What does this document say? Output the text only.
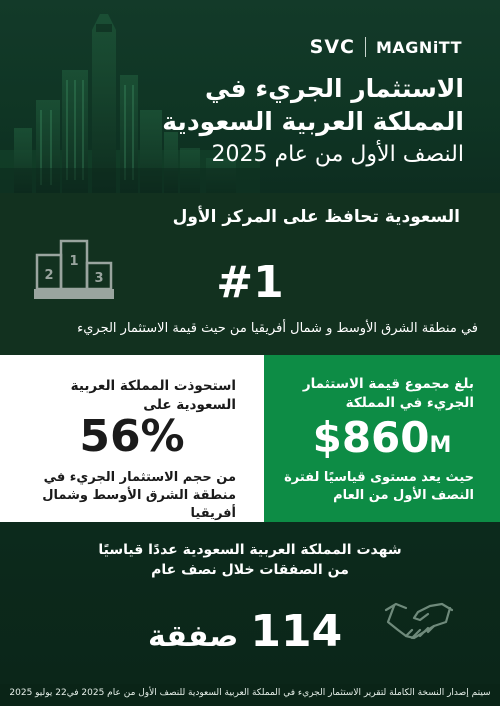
SVC MAGNiTT
الاستثمار الجريء في
المملكة العربية السعودية
النصف الأول من عام 2025
السعودية تحافظ على المركز الأول
2
1
3	#1
في منطقة الشرق الأوسط و شمال أفريقيا من حيث قيمة الاستثمار الجريء
استحوذت المملكة العربية
السعودية على
56%
من حجم الاستثمار الجريء في
منطقة الشرق الأوسط وشمال أفريقيا
بلغ مجموع قيمة الاستثمار
الجريء في المملكة
$860M
حيث يعد مستوى قياسيًا لفترة
النصف الأول من العام
شهدت المملكة العربية السعودية عددًا قياسيًا
من الصفقات خلال نصف عام
114
صفقة
سيتم إصدار النسخة الكاملة لتقرير الاستثمار الجريء في المملكة العربية السعودية للنصف الأول من عام 2025 في22 يوليو 2025
